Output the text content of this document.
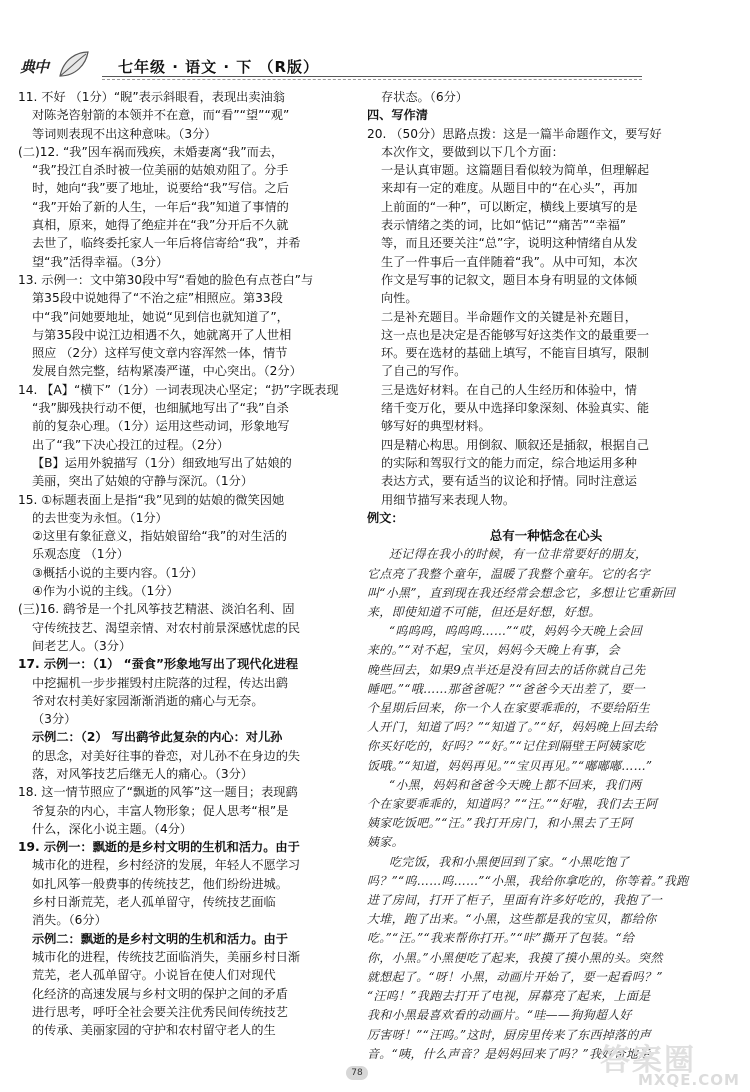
典中	七年级 · 语文 · 下 （R版）

11. 不好 （1分）“睨”表示斜眼看，表现出卖油翁

对陈尧咨射箭的本领并不在意，而“看”“望”“观”

等词则表现不出这种意味。（3分）

(二)12. “我”因车祸而残疾，未婚妻离“我”而去，

“我”投江自杀时被一位美丽的姑娘劝阻了。分手

时，她向“我”要了地址，说要给“我”写信。之后

“我”开始了新的人生，一年后“我”知道了事情的

真相，原来，她得了绝症并在“我”分开后不久就

去世了，临终委托家人一年后将信寄给“我”，并希

望“我”活得幸福。（3分）

13. 示例一：文中第30段中写“看她的脸色有点苍白”与

第35段中说她得了“不治之症”相照应。第33段

中“我”问她要地址，她说“见到信也就知道了”，

与第35段中说江边相遇不久，她就离开了人世相

照应 （2分）这样写使文章内容浑然一体，情节

发展自然完整，结构紧凑严谨，中心突出。（2分）

14. 【A】“横下”（1分）一词表现决心坚定；“扔”字既表现

“我”脚残抉行动不便，也细腻地写出了“我”自杀

前的复杂心理。（1分）运用这些动词，形象地写

出了“我”下决心投江的过程。（2分）

【B】运用外貌描写（1分）细致地写出了姑娘的

美丽，突出了姑娘的守静与深沉。（1分）

15. ①标题表面上是指“我”见到的姑娘的微笑因她

的去世变为永恒。（1分）

②这里有象征意义，指姑娘留给“我”的对生活的

乐观态度 （1分）

③概括小说的主要内容。（1分）

④作为小说的主线。（1分）

(三)16. 鹞爷是一个扎风筝技艺精湛、淡泊名利、固

守传统技艺、渴望亲情、对农村前景深感忧虑的民

间老艺人。（3分）

17. 示例一：（1） “蚕食”形象地写出了现代化进程

中挖掘机一步步摧毁村庄院落的过程，传达出鹞

爷对农村美好家园渐渐消逝的痛心与无奈。

（3分）

示例二：（2） 写出鹞爷此复杂的内心：对儿孙

的思念，对美好往事的眷恋，对儿孙不在身边的失

落，对风筝技艺后继无人的痛心。（3分）

18. 这一情节照应了“飘逝的风筝”这一题目；表现鹞

爷复杂的内心，丰富人物形象；促人思考“根”是

什么，深化小说主题。（4分）

19. 示例一：飘逝的是乡村文明的生机和活力。由于

城市化的进程，乡村经济的发展，年轻人不愿学习

如扎风筝一般费事的传统技艺，他们纷纷进城。

乡村日渐荒芜，老人孤单留守，传统技艺面临

消失。（6分）

示例二：飘逝的是乡村文明的生机和活力。由于

城市化的进程，传统技艺面临消失，美丽乡村日渐

荒芜，老人孤单留守。小说旨在使人们对现代

化经济的高速发展与乡村文明的保护之间的矛盾

进行思考，呼吁全社会要关注优秀民间传统技艺

的传承、美丽家园的守护和农村留守老人的生

存状态。（6分）

四、写作清

20. （50分）思路点拨：这是一篇半命题作文，要写好

本次作文，要做到以下几个方面：

一是认真审题。这篇题目看似较为简单，但理解起

来却有一定的难度。从题目中的“在心头”，再加

上前面的“一种”，可以断定，横线上要填写的是

表示情绪之类的词，比如“惦记”“痛苦”“幸福”

等，而且还要关注“总”字，说明这种情绪自从发

生了一件事后一直伴随着“我”。从中可知，本次

作文是写事的记叙文，题目本身有明显的文体倾

向性。

二是补充题目。半命题作文的关键是补充题目，

这一点也是决定是否能够写好这类作文的最重要一

环。要在选材的基础上填写，不能盲目填写，限制

了自己的写作。

三是选好材料。在自己的人生经历和体验中，情

绪千变万化，要从中选择印象深刻、体验真实、能

够写好的典型材料。

四是精心构思。用倒叙、顺叙还是插叙，根据自己

的实际和驾驭行文的能力而定，综合地运用多种

表达方式，要有适当的议论和抒情。同时注意运

用细节描写来表现人物。

例文：

总有一种惦念在心头

还记得在我小的时候，有一位非常要好的朋友，

它点亮了我整个童年，温暖了我整个童年。它的名字

叫“小黑”，直到现在我还经常会想念它，多想让它重新回

来，即使知道不可能，但还是好想，好想。

“呜呜呜，呜呜呜……”“哎，妈妈今天晚上会回

来的。”“对不起，宝贝，妈妈今天晚上有事，会

晚些回去，如果9点半还是没有回去的话你就自己先

睡吧。”“哦……那爸爸呢？”“爸爸今天出差了，要一

个星期后回来，你一个人在家要乖乖的，不要给陌生

人开门，知道了吗？”“知道了。”“好，妈妈晚上回去给

你买好吃的，好吗？”“好。”“记住到隔壁王阿姨家吃

饭哦。”“知道，妈妈再见。”“宝贝再见。”“嘟嘟嘟……”

“小黑，妈妈和爸爸今天晚上都不回来，我们两

个在家要乖乖的，知道吗？”“汪。”“好啦，我们去王阿

姨家吃饭吧。”“汪。”我打开房门，和小黑去了王阿

姨家。

吃完饭，我和小黑便回到了家。“小黑吃饱了

吗？”“呜……呜……”“小黑，我给你拿吃的，你等着。”我跑

进了房间，打开了柜子，里面有许多好吃的，我抱了一

大堆，跑了出来。“小黑，这些都是我的宝贝，都给你

吃。”“汪。”“我来帮你打开。”“咔”撕开了包装。“给

你，小黑。”小黑便吃了起来，我摸了摸小黑的头。突然

就想起了。“呀！小黑，动画片开始了，要一起看吗？”

“汪呜！”我跑去打开了电视，屏幕亮了起来，上面是

我和小黑最喜欢看的动画片。“哇——狗狗超人好

厉害呀！”“汪呜。”这时，厨房里传来了东西掉落的声

音。“咦，什么声音？是妈妈回来了吗？”我好奇地走

78	答案圈
MXQE.COM
